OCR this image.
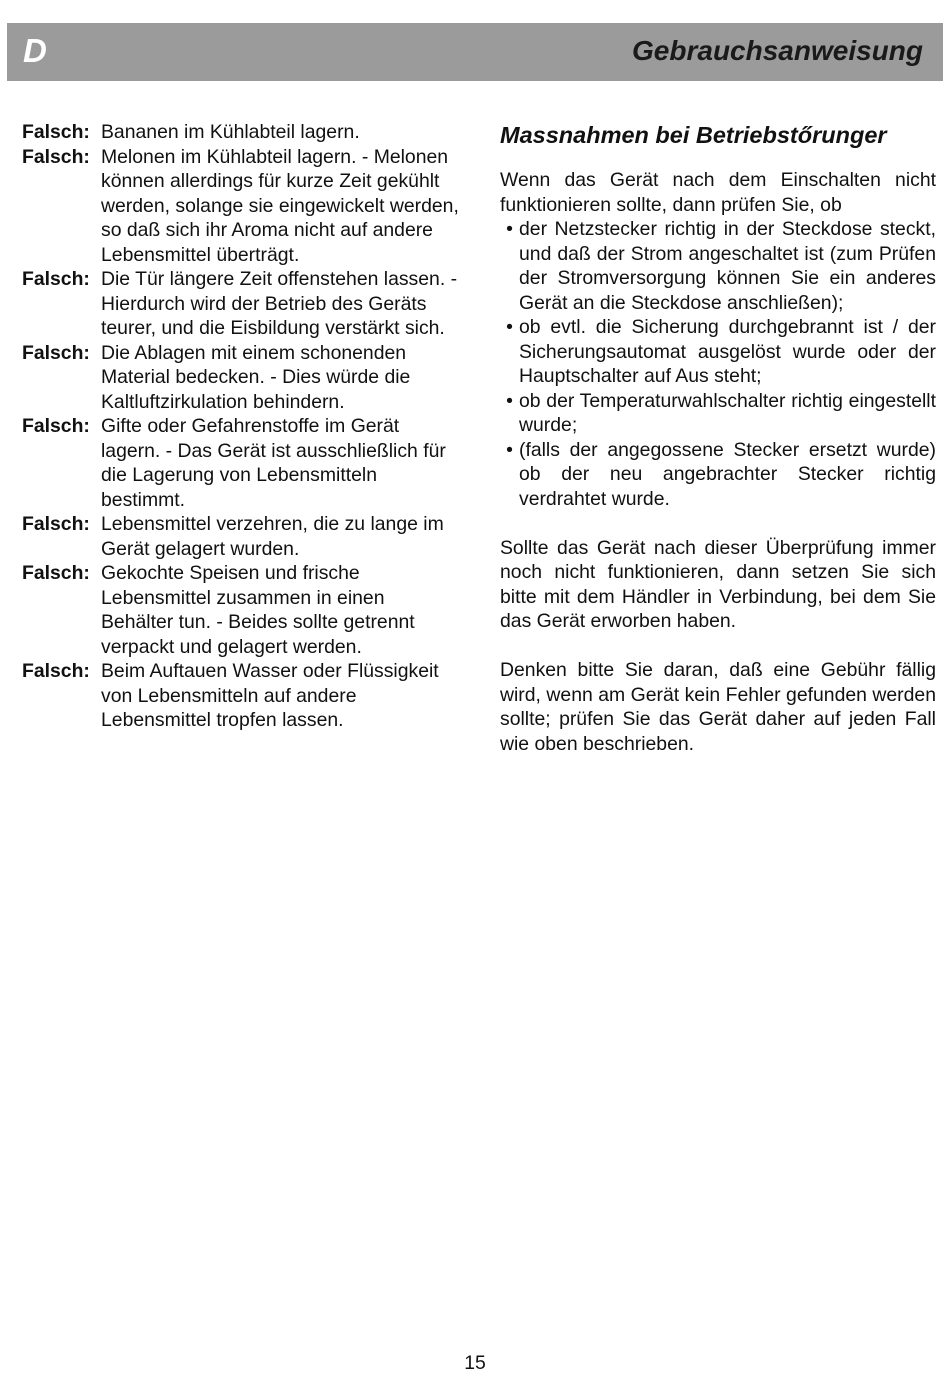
D	Gebrauchsanweisung
Falsch: Bananen im Kühlabteil lagern.
Falsch: Melonen im Kühlabteil lagern. - Melonen können allerdings für kurze Zeit gekühlt werden, solange sie eingewickelt werden, so daß sich ihr Aroma nicht auf andere Lebensmittel überträgt.
Falsch: Die Tür längere Zeit offenstehen lassen. - Hierdurch wird der Betrieb des Geräts teurer, und die Eisbildung verstärkt sich.
Falsch: Die Ablagen mit einem schonenden Material bedecken. - Dies würde die Kaltluftzirkulation behindern.
Falsch: Gifte oder Gefahrenstoffe im Gerät lagern. - Das Gerät ist ausschließlich für die Lagerung von Lebensmitteln bestimmt.
Falsch: Lebensmittel verzehren, die zu lange im Gerät gelagert wurden.
Falsch: Gekochte Speisen und frische Lebensmittel zusammen in einen Behälter tun. - Beides sollte getrennt verpackt und gelagert werden.
Falsch: Beim Auftauen Wasser oder Flüssigkeit von Lebensmitteln auf andere Lebensmittel tropfen lassen.
Massnahmen bei Betriebstőrunger

Wenn das Gerät nach dem Einschalten nicht funktionieren sollte, dann prüfen Sie, ob

• der Netzstecker richtig in der Steckdose steckt, und daß der Strom angeschaltet ist (zum Prüfen der Stromversorgung können Sie ein anderes Gerät an die Steckdose anschließen);
• ob evtl. die Sicherung durchgebrannt ist / der Sicherungsautomat ausgelöst wurde oder der Hauptschalter auf Aus steht;
• ob der Temperaturwahlschalter richtig eingestellt wurde;
• (falls der angegossene Stecker ersetzt wurde) ob der neu angebrachter Stecker richtig verdrahtet wurde.

Sollte das Gerät nach dieser Überprüfung immer noch nicht funktionieren, dann setzen Sie sich bitte mit dem Händler in Verbindung, bei dem Sie das Gerät erworben haben.

Denken bitte Sie daran, daß eine Gebühr fällig wird, wenn am Gerät kein Fehler gefunden werden sollte; prüfen Sie das Gerät daher auf jeden Fall wie oben beschrieben.

15
